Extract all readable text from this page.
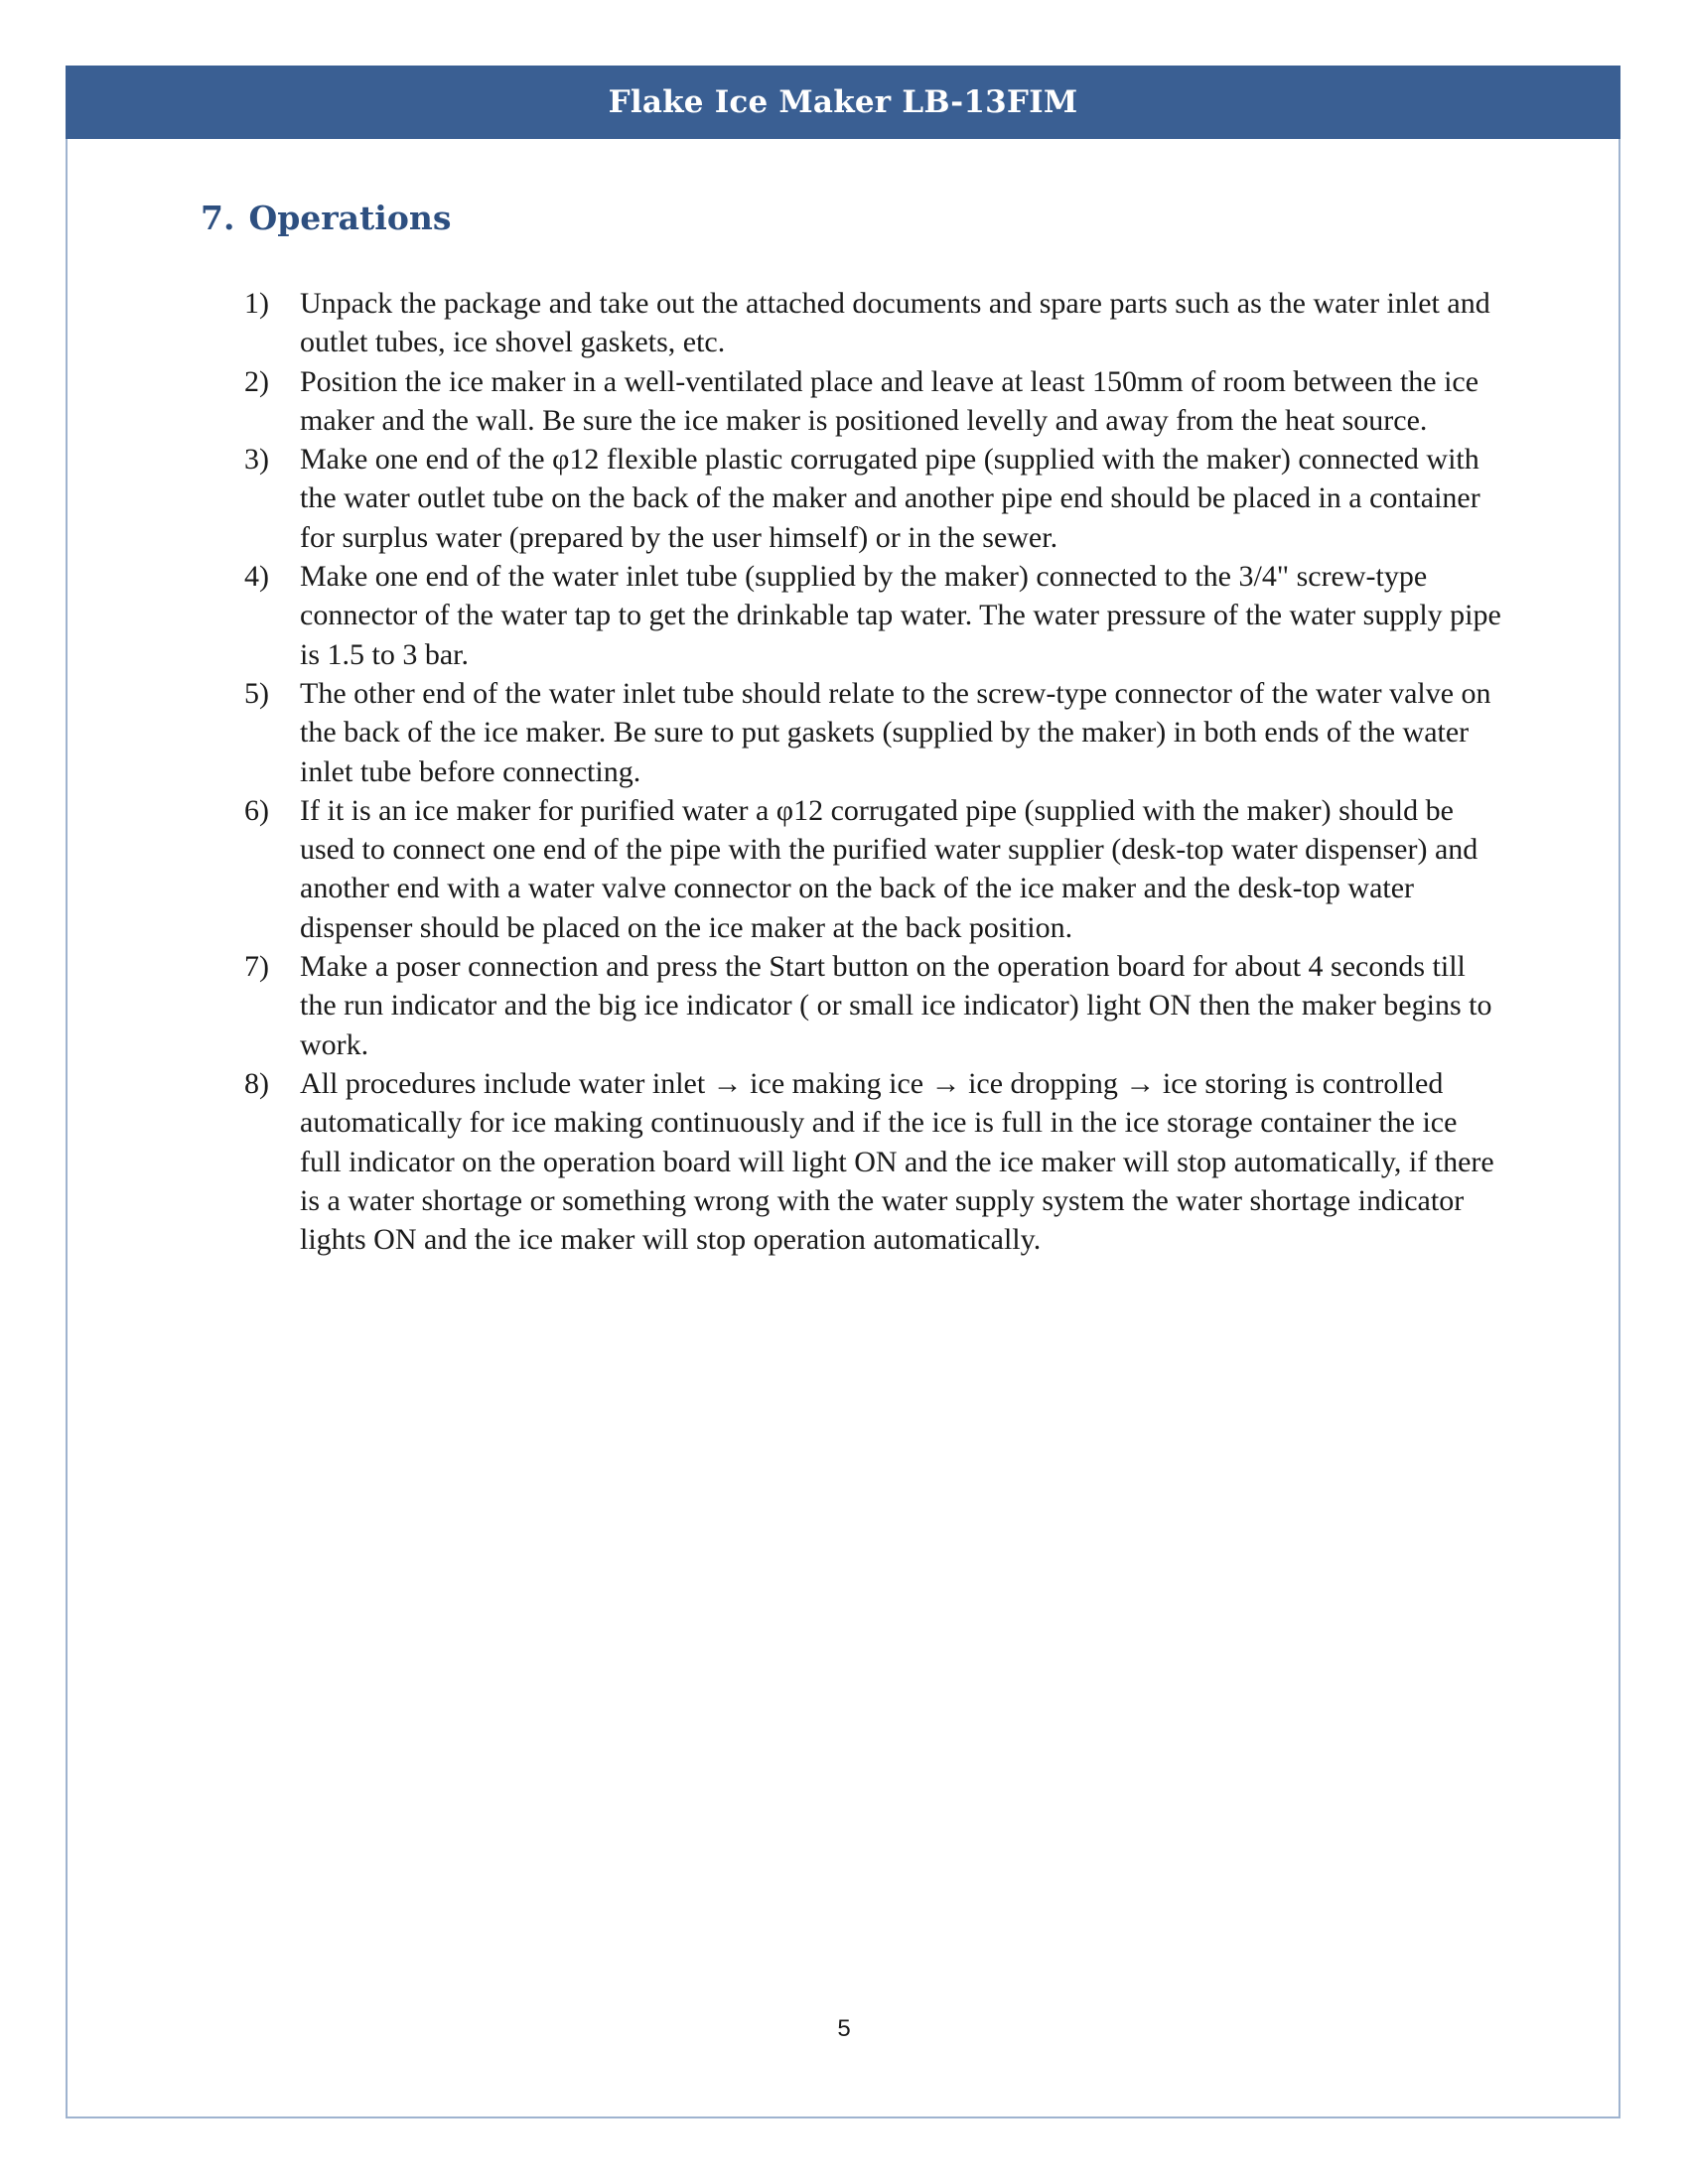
Flake Ice Maker LB-13FIM
7. Operations
1) Unpack the package and take out the attached documents and spare parts such as the water inlet and outlet tubes, ice shovel gaskets, etc.
2) Position the ice maker in a well-ventilated place and leave at least 150mm of room between the ice maker and the wall. Be sure the ice maker is positioned levelly and away from the heat source.
3) Make one end of the φ12 flexible plastic corrugated pipe (supplied with the maker) connected with the water outlet tube on the back of the maker and another pipe end should be placed in a container for surplus water (prepared by the user himself) or in the sewer.
4) Make one end of the water inlet tube (supplied by the maker) connected to the 3/4" screw-type connector of the water tap to get the drinkable tap water. The water pressure of the water supply pipe is 1.5 to 3 bar.
5) The other end of the water inlet tube should relate to the screw-type connector of the water valve on the back of the ice maker. Be sure to put gaskets (supplied by the maker) in both ends of the water inlet tube before connecting.
6) If it is an ice maker for purified water a φ12 corrugated pipe (supplied with the maker) should be used to connect one end of the pipe with the purified water supplier (desk-top water dispenser) and another end with a water valve connector on the back of the ice maker and the desk-top water dispenser should be placed on the ice maker at the back position.
7) Make a poser connection and press the Start button on the operation board for about 4 seconds till the run indicator and the big ice indicator ( or small ice indicator) light ON then the maker begins to work.
8) All procedures include water inlet → ice making ice → ice dropping → ice storing is controlled automatically for ice making continuously and if the ice is full in the ice storage container the ice full indicator on the operation board will light ON and the ice maker will stop automatically, if there is a water shortage or something wrong with the water supply system the water shortage indicator lights ON and the ice maker will stop operation automatically.
5
